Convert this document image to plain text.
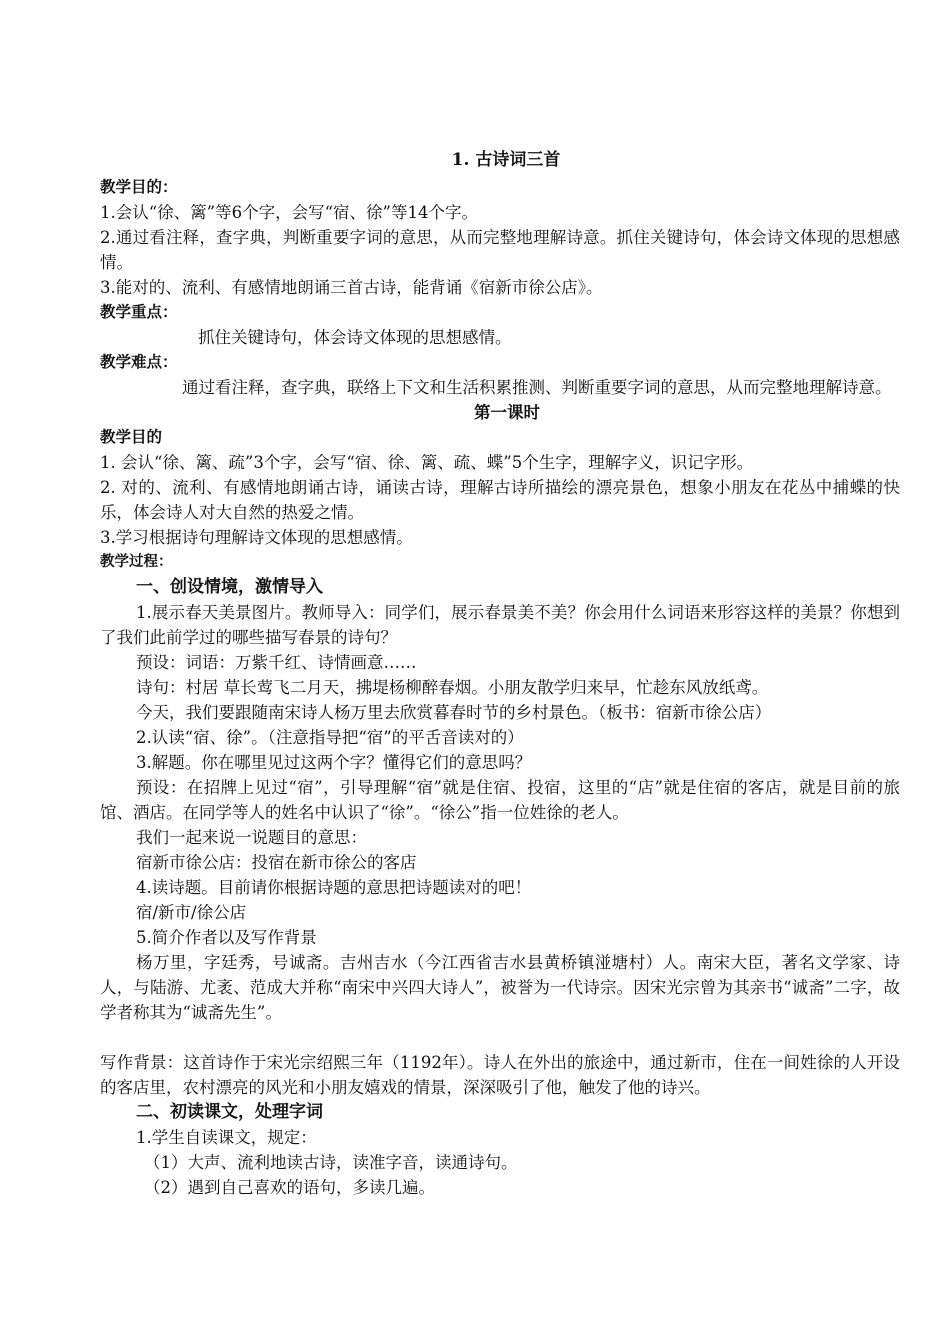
1. 古诗词三首

教学目的：

1.会认“徐、篱”等6个字，会写“宿、徐”等14个字。

2.通过看注释，查字典，判断重要字词的意思，从而完整地理解诗意。抓住关键诗句，体会诗文体现的思想感情。

3.能对的、流利、有感情地朗诵三首古诗，能背诵《宿新市徐公店》。

教学重点：

抓住关键诗句，体会诗文体现的思想感情。

教学难点：

通过看注释，查字典，联络上下文和生活积累推测、判断重要字词的意思，从而完整地理解诗意。

第一课时

教学目的

1. 会认“徐、篱、疏”3个字，会写“宿、徐、篱、疏、蝶”5个生字，理解字义，识记字形。

2. 对的、流利、有感情地朗诵古诗，诵读古诗，理解古诗所描绘的漂亮景色，想象小朋友在花丛中捕蝶的快乐，体会诗人对大自然的热爱之情。

3.学习根据诗句理解诗文体现的思想感情。

教学过程：

一、创设情境，激情导入

1.展示春天美景图片。教师导入：同学们，展示春景美不美？你会用什么词语来形容这样的美景？你想到了我们此前学过的哪些描写春景的诗句？

预设：词语：万紫千红、诗情画意……

诗句：村居 草长莺飞二月天，拂堤杨柳醉春烟。小朋友散学归来早，忙趁东风放纸鸢。

今天，我们要跟随南宋诗人杨万里去欣赏暮春时节的乡村景色。（板书：宿新市徐公店）

2.认读“宿、徐”。（注意指导把“宿”的平舌音读对的）

3.解题。你在哪里见过这两个字？懂得它们的意思吗？

预设：在招牌上见过“宿”，引导理解“宿”就是住宿、投宿，这里的“店”就是住宿的客店，就是目前的旅馆、酒店。在同学等人的姓名中认识了“徐”。“徐公”指一位姓徐的老人。

我们一起来说一说题目的意思：

宿新市徐公店：投宿在新市徐公的客店

4.读诗题。目前请你根据诗题的意思把诗题读对的吧！

宿/新市/徐公店

5.简介作者以及写作背景

杨万里，字廷秀，号诚斋。吉州吉水（今江西省吉水县黄桥镇湴塘村）人。南宋大臣，著名文学家、诗人，与陆游、尤袤、范成大并称“南宋中兴四大诗人”，被誉为一代诗宗。因宋光宗曾为其亲书“诚斋”二字，故学者称其为“诚斋先生”。

写作背景：这首诗作于宋光宗绍熙三年（1192年）。诗人在外出的旅途中，通过新市，住在一间姓徐的人开设的客店里，农村漂亮的风光和小朋友嬉戏的情景，深深吸引了他，触发了他的诗兴。

二、初读课文，处理字词

1.学生自读课文，规定：

（1）大声、流利地读古诗，读准字音，读通诗句。

（2）遇到自己喜欢的语句，多读几遍。
